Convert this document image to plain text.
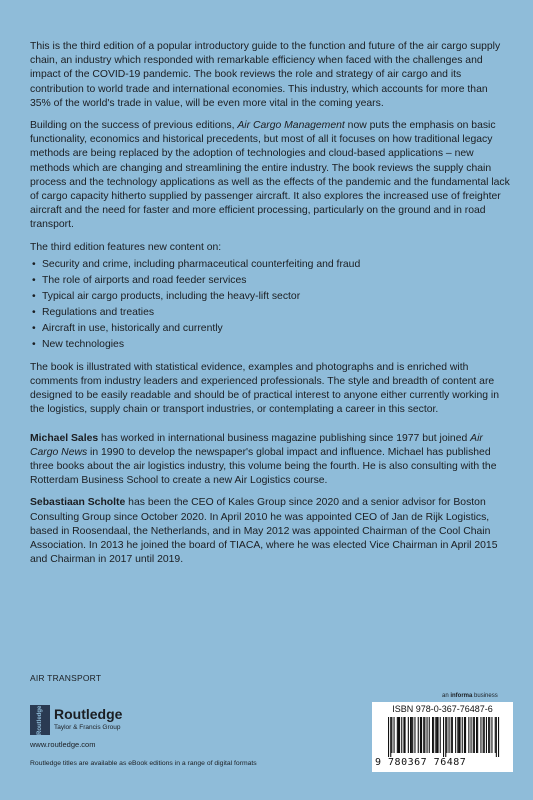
This is the third edition of a popular introductory guide to the function and future of the air cargo supply chain, an industry which responded with remarkable efficiency when faced with the challenges and impact of the COVID-19 pandemic. The book reviews the role and strategy of air cargo and its contribution to world trade and international economies. This industry, which accounts for more than 35% of the world's trade in value, will be even more vital in the coming years.

Building on the success of previous editions, Air Cargo Management now puts the emphasis on basic functionality, economics and historical precedents, but most of all it focuses on how traditional legacy methods are being replaced by the adoption of technologies and cloud-based applications – new methods which are changing and streamlining the entire industry. The book reviews the supply chain process and the technology applications as well as the effects of the pandemic and the fundamental lack of cargo capacity hitherto supplied by passenger aircraft. It also explores the increased use of freighter aircraft and the need for faster and more efficient processing, particularly on the ground and in road transport.

The third edition features new content on:

• Security and crime, including pharmaceutical counterfeiting and fraud
• The role of airports and road feeder services
• Typical air cargo products, including the heavy-lift sector
• Regulations and treaties
• Aircraft in use, historically and currently
• New technologies

The book is illustrated with statistical evidence, examples and photographs and is enriched with comments from industry leaders and experienced professionals. The style and breadth of content are designed to be easily readable and should be of practical interest to anyone either currently working in the logistics, supply chain or transport industries, or contemplating a career in this sector.

Michael Sales has worked in international business magazine publishing since 1977 but joined Air Cargo News in 1990 to develop the newspaper's global impact and influence. Michael has published three books about the air logistics industry, this volume being the fourth. He is also consulting with the Rotterdam Business School to create a new Air Logistics course.

Sebastiaan Scholte has been the CEO of Kales Group since 2020 and a senior advisor for Boston Consulting Group since October 2020. In April 2010 he was appointed CEO of Jan de Rijk Logistics, based in Roosendaal, the Netherlands, and in May 2012 was appointed Chairman of the Cool Chain Association. In 2013 he joined the board of TIACA, where he was elected Vice Chairman in April 2015 and Chairman in 2017 until 2019.

AIR TRANSPORT
Routledge Routledge
Taylor & Francis Group
www.routledge.com
Routledge titles are available as eBook editions in a range of digital formats
an informa business
ISBN 978-0-367-76487-6
9 780367 76487
